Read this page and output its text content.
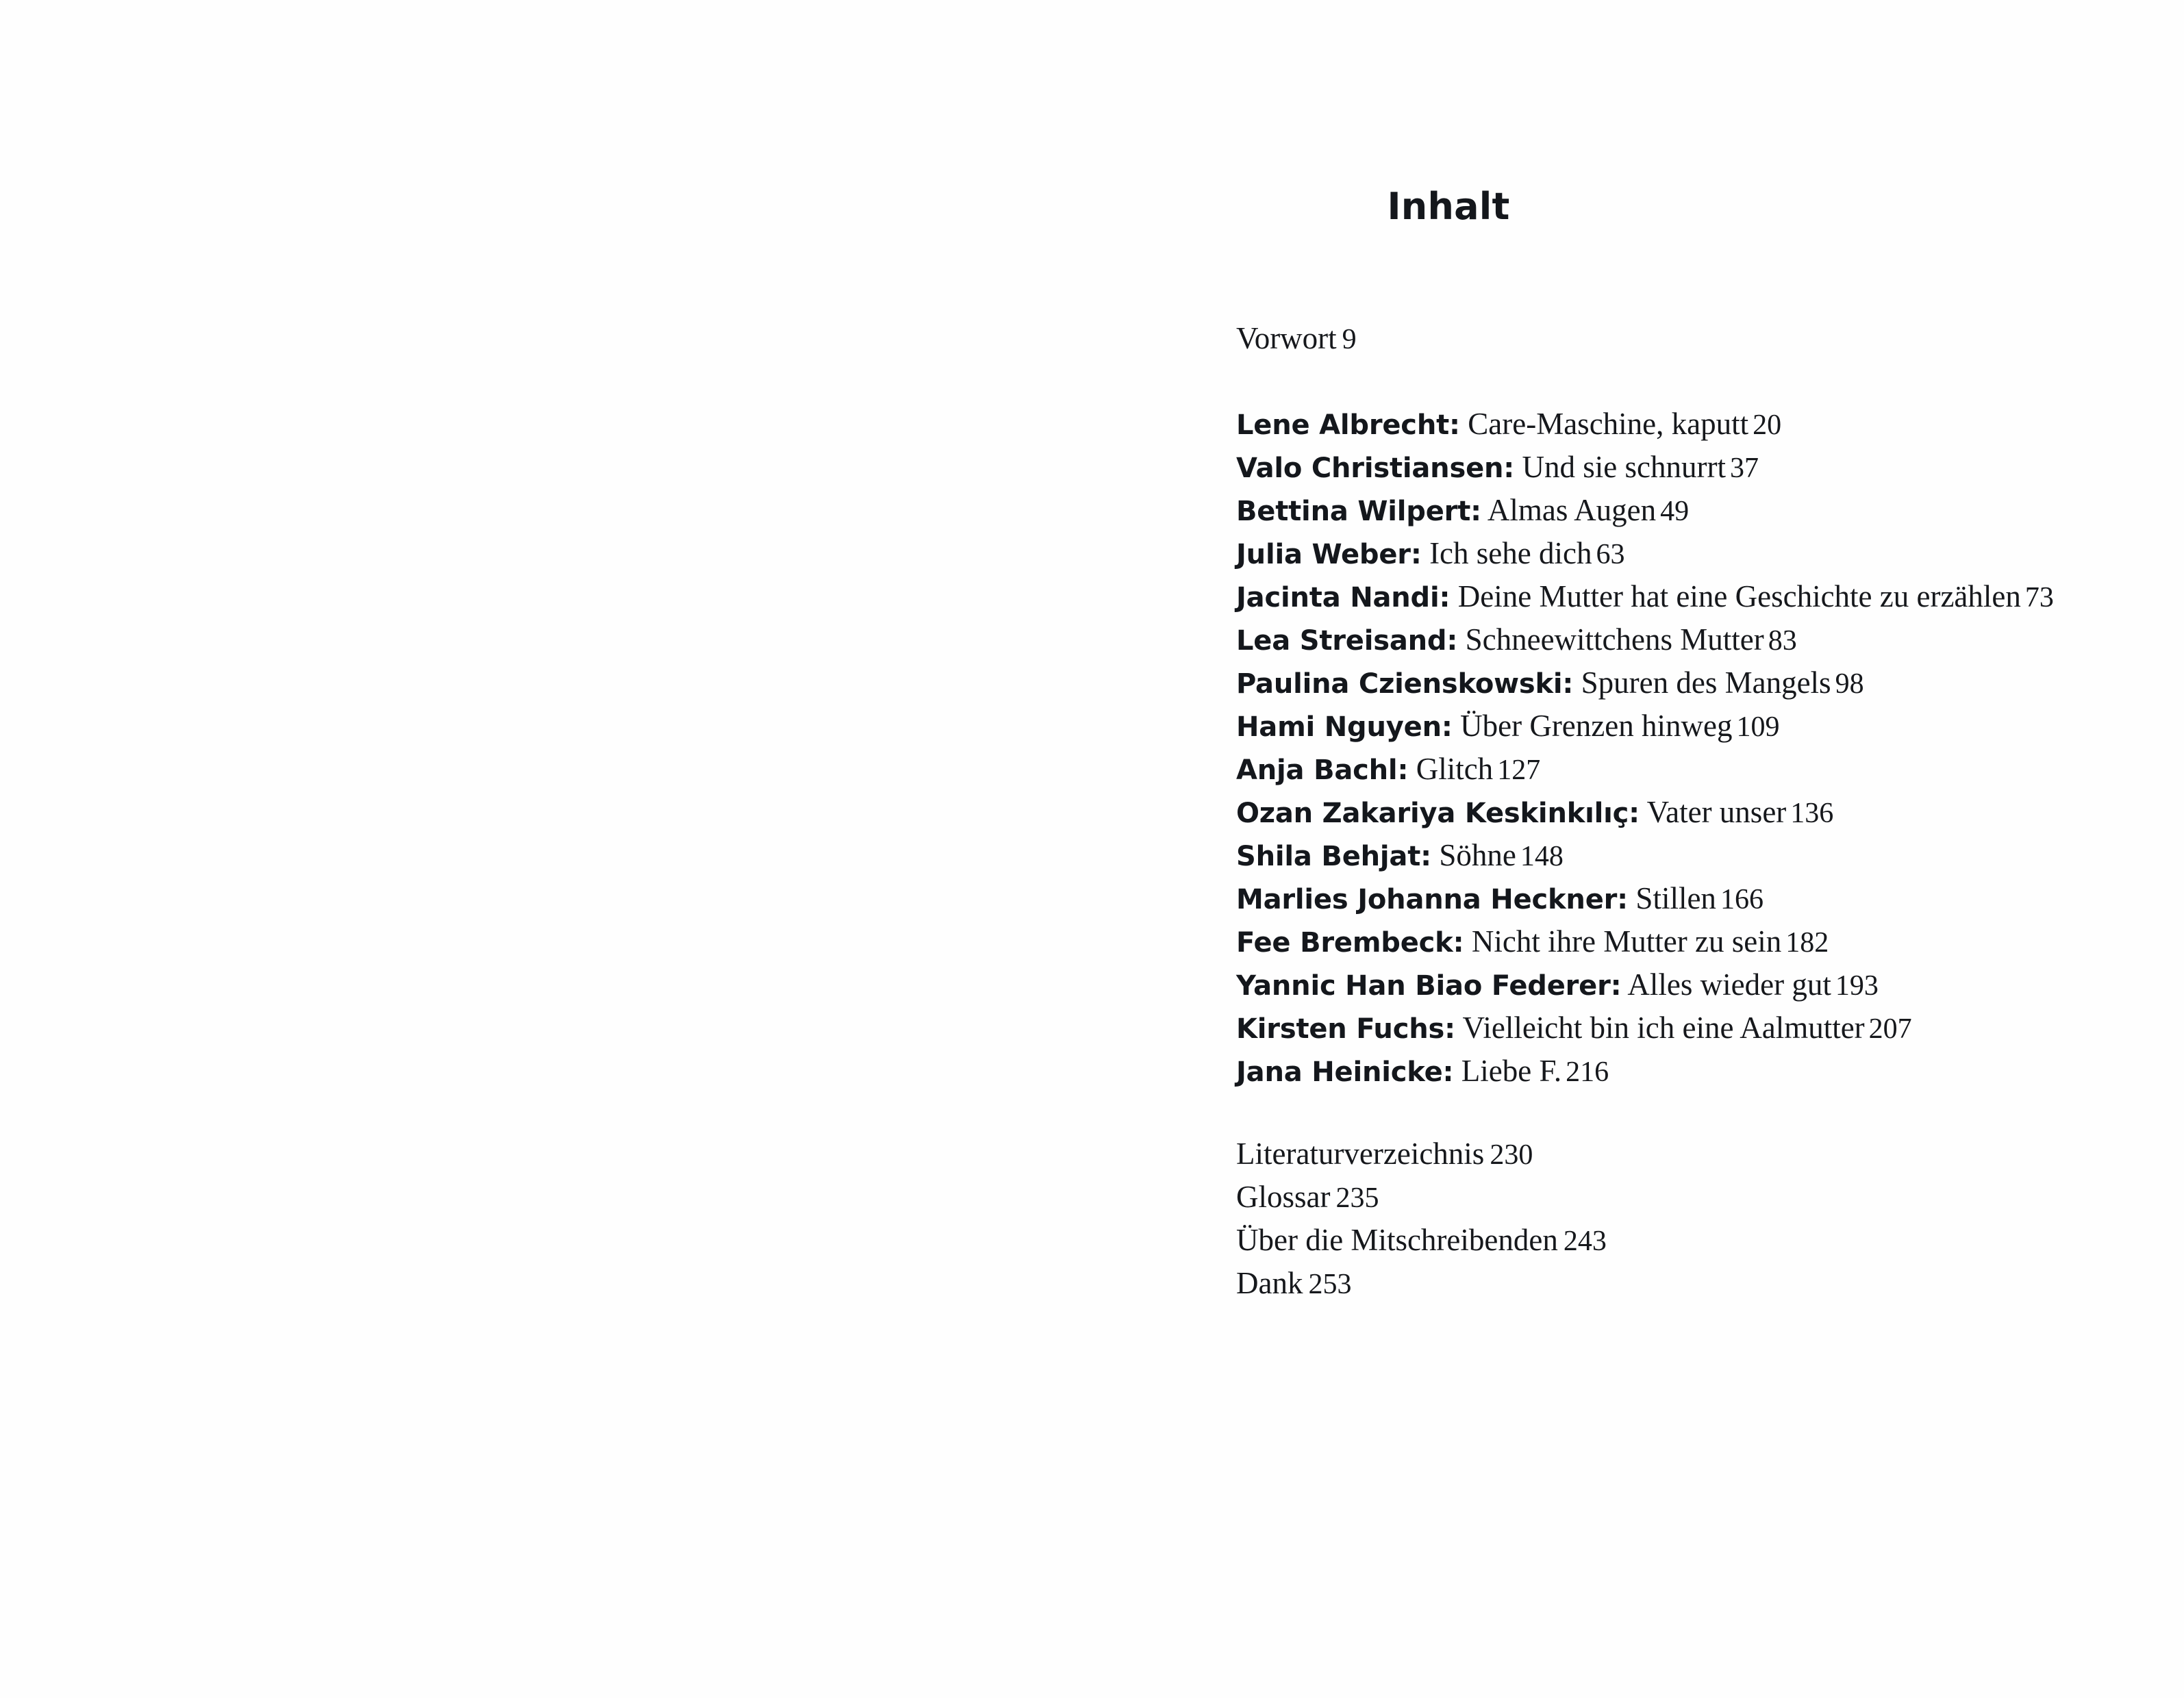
Inhalt
Vorwort 9
Lene Albrecht: Care-Maschine, kaputt 20
Valo Christiansen: Und sie schnurrt 37
Bettina Wilpert: Almas Augen 49
Julia Weber: Ich sehe dich 63
Jacinta Nandi: Deine Mutter hat eine Geschichte zu erzählen 73
Lea Streisand: Schneewittchens Mutter 83
Paulina Czienskowski: Spuren des Mangels 98
Hami Nguyen: Über Grenzen hinweg 109
Anja Bachl: Glitch 127
Ozan Zakariya Keskinkılıç: Vater unser 136
Shila Behjat: Söhne 148
Marlies Johanna Heckner: Stillen 166
Fee Brembeck: Nicht ihre Mutter zu sein 182
Yannic Han Biao Federer: Alles wieder gut 193
Kirsten Fuchs: Vielleicht bin ich eine Aalmutter 207
Jana Heinicke: Liebe F. 216
Literaturverzeichnis 230
Glossar 235
Über die Mitschreibenden 243
Dank 253
